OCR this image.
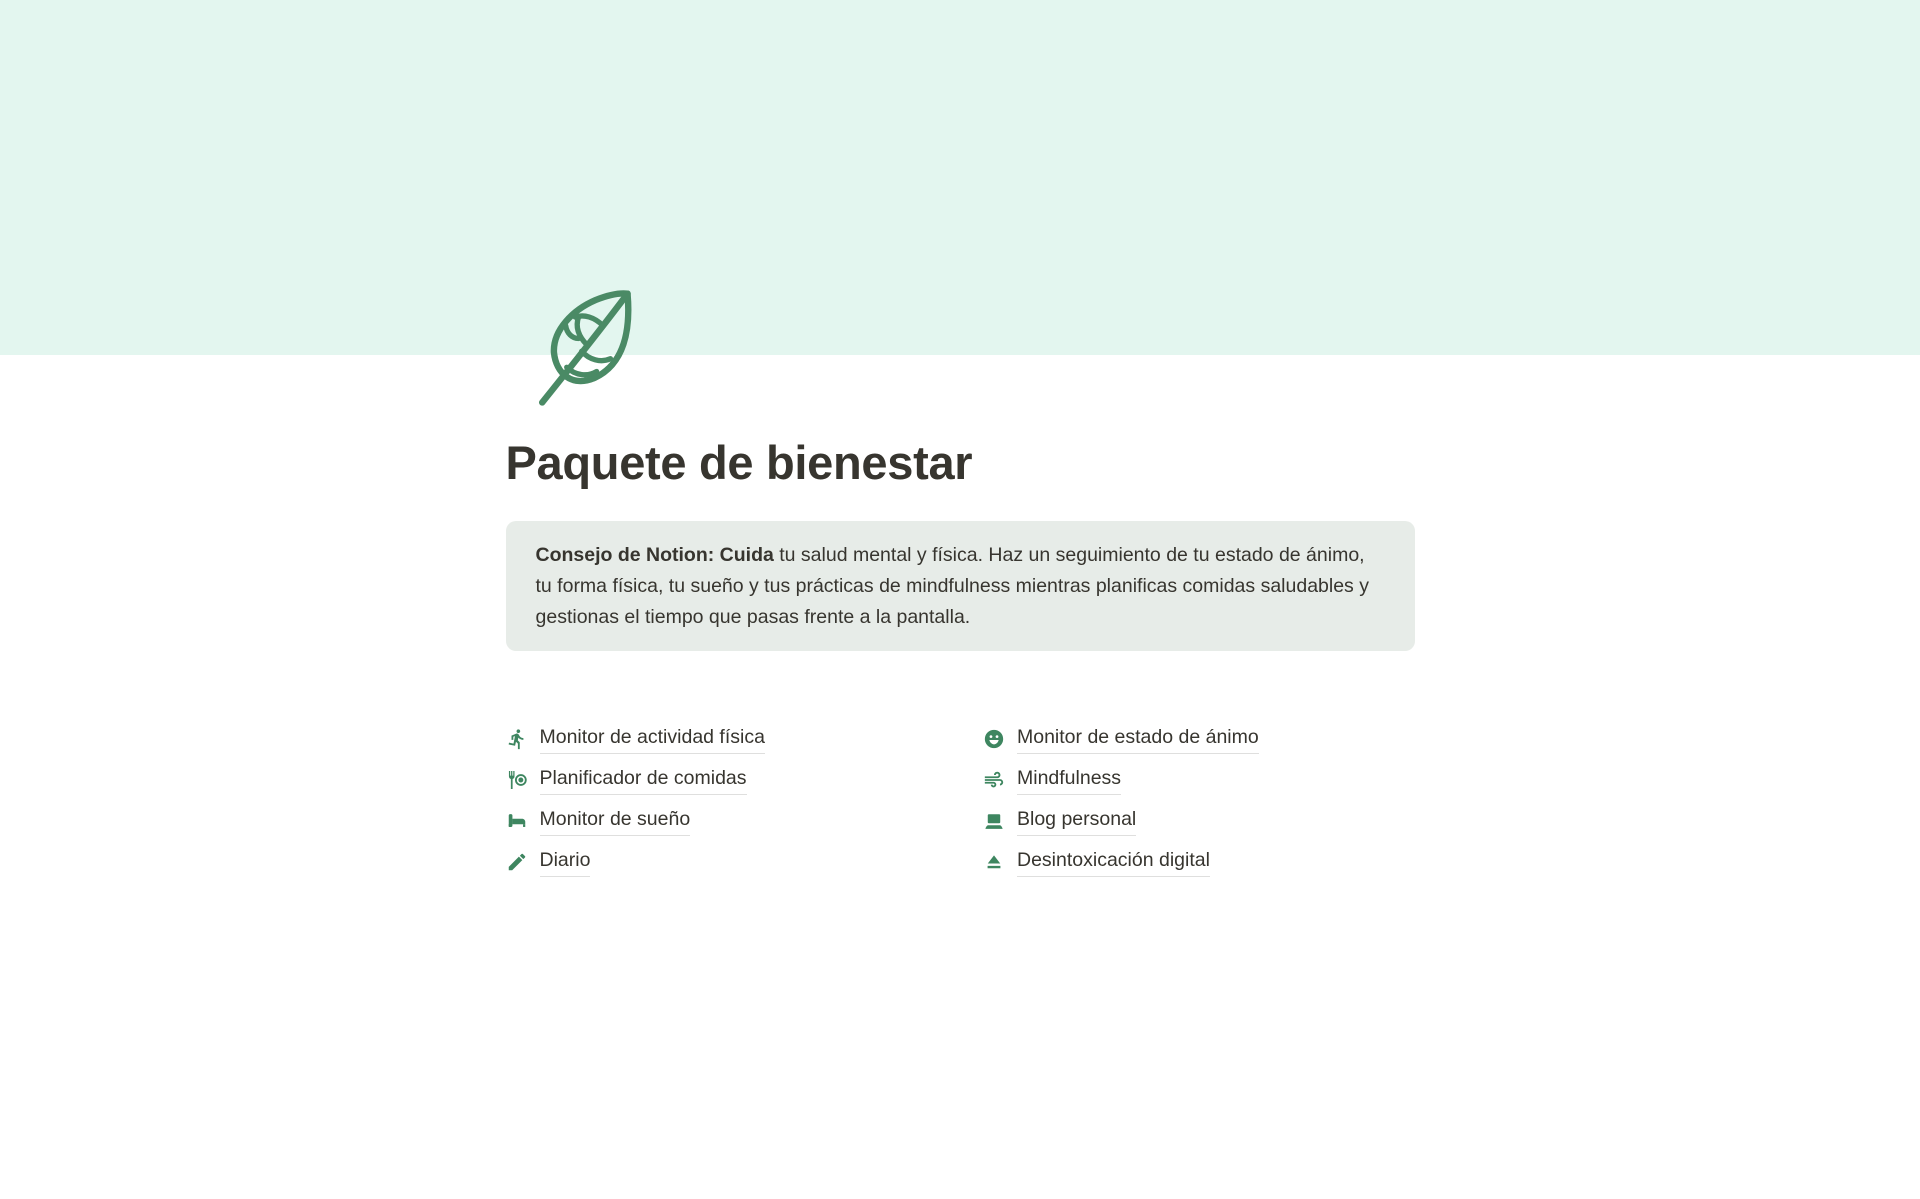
Paquete de bienestar
Consejo de Notion: Cuida tu salud mental y física. Haz un seguimiento de tu estado de ánimo, tu forma física, tu sueño y tus prácticas de mindfulness mientras planificas comidas saludables y gestionas el tiempo que pasas frente a la pantalla.
Monitor de actividad física
Planificador de comidas
Monitor de sueño
Diario
Monitor de estado de ánimo
Mindfulness
Blog personal
Desintoxicación digital
